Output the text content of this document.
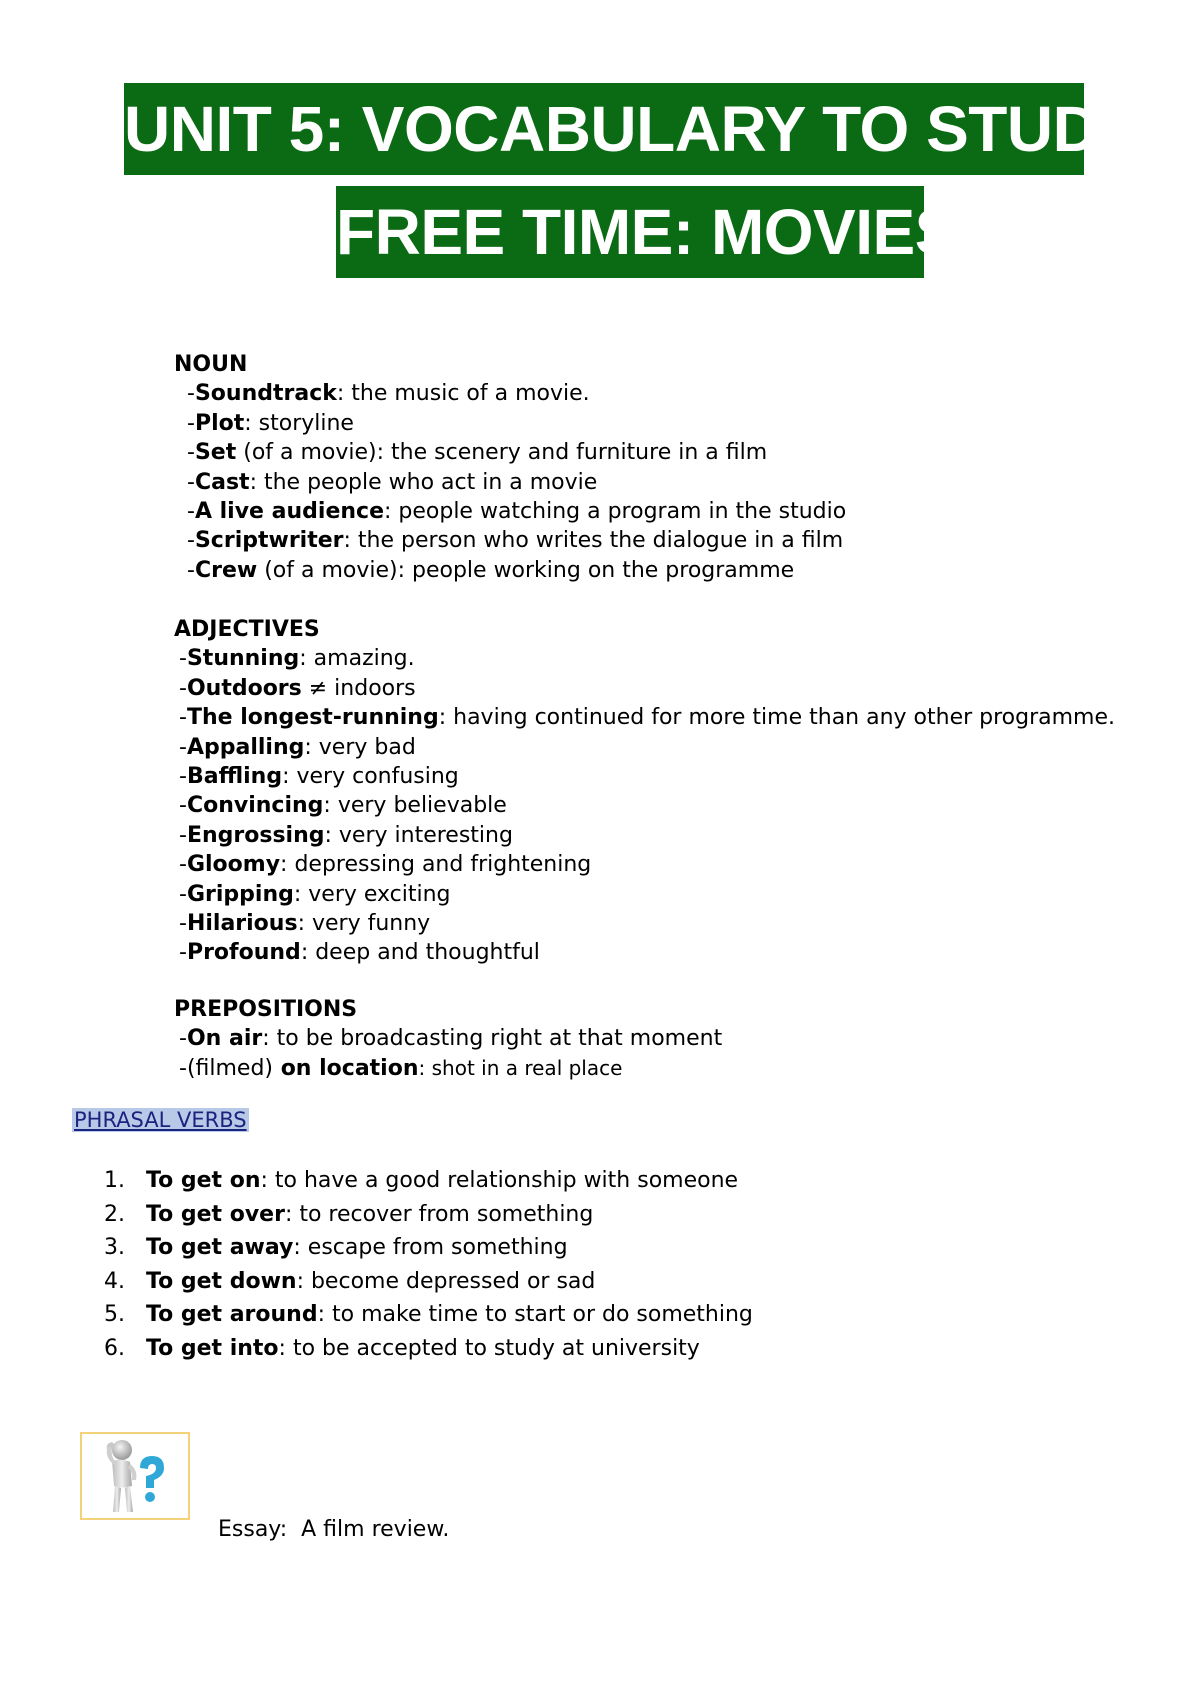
UNIT 5: VOCABULARY TO STUDY
FREE TIME: MOVIES

NOUN

-Soundtrack: the music of a movie.

-Plot: storyline

-Set (of a movie): the scenery and furniture in a film

-Cast: the people who act in a movie

-A live audience: people watching a program in the studio

-Scriptwriter: the person who writes the dialogue in a film

-Crew (of a movie): people working on the programme

ADJECTIVES

-Stunning: amazing.

-Outdoors ≠ indoors

-The longest-running: having continued for more time than any other programme.

-Appalling: very bad

-Baffling: very confusing

-Convincing: very believable

-Engrossing: very interesting

-Gloomy: depressing and frightening

-Gripping: very exciting

-Hilarious: very funny

-Profound: deep and thoughtful

PREPOSITIONS

-On air: to be broadcasting right at that moment

-(filmed) on location: shot in a real place

PHRASAL VERBS
1. To get on: to have a good relationship with someone
2. To get over: to recover from something
3. To get away: escape from something
4. To get down: become depressed or sad
5. To get around: to make time to start or do something
6. To get into: to be accepted to study at university
Essay: A film review.
